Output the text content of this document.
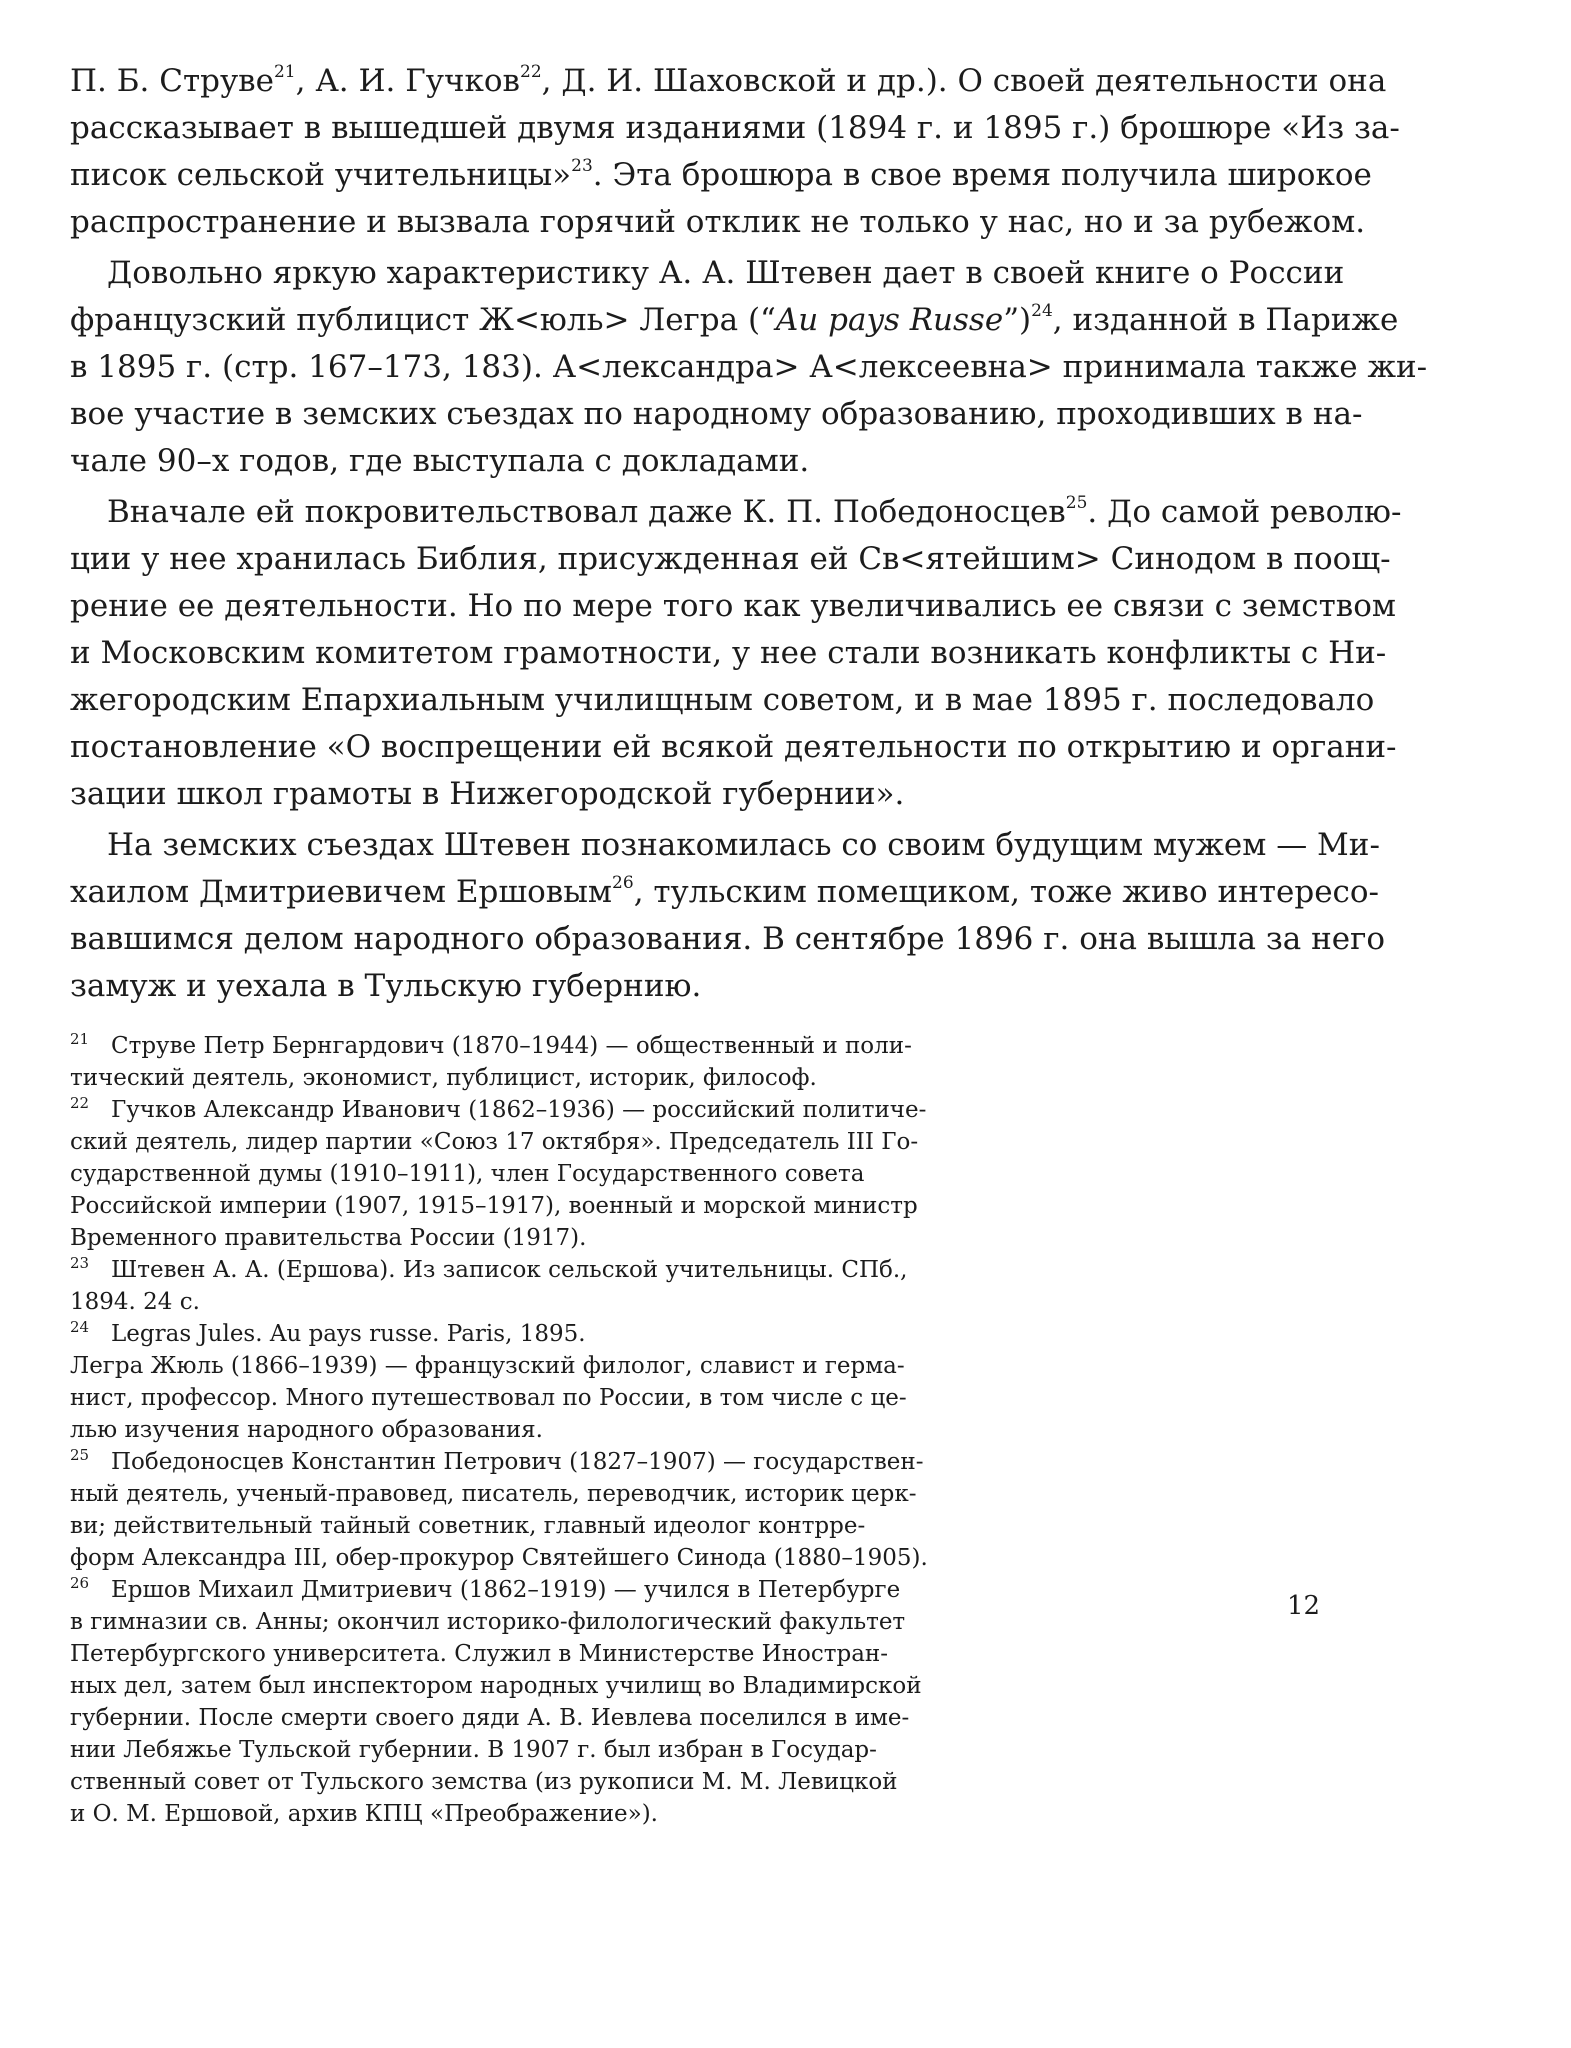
П. Б. Струве$^{21}$, А. И. Гучков$^{22}$, Д. И. Шаховской и др.). О своей деятельности она
рассказывает в вышедшей двумя изданиями (1894 г. и 1895 г.) брошюре «Из за-
писок сельской учительницы»$^{23}$. Эта брошюра в свое время получила широкое
распространение и вызвала горячий отклик не только у нас, но и за рубежом.
Довольно яркую характеристику А. А. Штевен дает в своей книге о России
французский публицист Ж<юль> Легра (“Au pays Russe”)$^{24}$, изданной в Париже
в 1895 г. (стр. 167–173, 183). А<лександра> А<лексеевна> принимала также жи-
вое участие в земских съездах по народному образованию, проходивших в на-
чале 90–х годов, где выступала с докладами.
Вначале ей покровительствовал даже К. П. Победоносцев$^{25}$. До самой револю-
ции у нее хранилась Библия, присужденная ей Св<ятейшим> Синодом в поощ-
рение ее деятельности. Но по мере того как увеличивались ее связи с земством
и Московским комитетом грамотности, у нее стали возникать конфликты с Ни-
жегородским Епархиальным училищным советом, и в мае 1895 г. последовало
постановление «О воспрещении ей всякой деятельности по открытию и органи-
зации школ грамоты в Нижегородской губернии».
На земских съездах Штевен познакомилась со своим будущим мужем — Ми-
хаилом Дмитриевичем Ершовым$^{26}$, тульским помещиком, тоже живо интересо-
вавшимся делом народного образования. В сентябре 1896 г. она вышла за него
замуж и уехала в Тульскую губернию.
21 Струве Петр Бернгардович (1870–1944) — общественный и поли-
тический деятель, экономист, публицист, историк, философ.
22 Гучков Александр Иванович (1862–1936) — российский политиче-
ский деятель, лидер партии «Союз 17 октября». Председатель III Го-
сударственной думы (1910–1911), член Государственного совета
Российской империи (1907, 1915–1917), военный и морской министр
Временного правительства России (1917).
23 Штевен А. А. (Ершова). Из записок сельской учительницы. СПб.,
1894. 24 с.
24 Legras Jules. Au pays russe. Paris, 1895.
Легра Жюль (1866–1939) — французский филолог, славист и герма-
нист, профессор. Много путешествовал по России, в том числе с це-
лью изучения народного образования.
25 Победоносцев Константин Петрович (1827–1907) — государствен-
ный деятель, ученый-правовед, писатель, переводчик, историк церк-
ви; действительный тайный советник, главный идеолог контрре-
форм Александра III, обер-прокурор Святейшего Синода (1880–1905).
26 Ершов Михаил Дмитриевич (1862–1919) — учился в Петербурге
в гимназии св. Анны; окончил историко-филологический факультет
Петербургского университета. Служил в Министерстве Иностран-
ных дел, затем был инспектором народных училищ во Владимирской
губернии. После смерти своего дяди А. В. Иевлева поселился в име-
нии Лебяжье Тульской губернии. В 1907 г. был избран в Государ-
ственный совет от Тульского земства (из рукописи М. М. Левицкой
и О. М. Ершовой, архив КПЦ «Преображение»).
12
